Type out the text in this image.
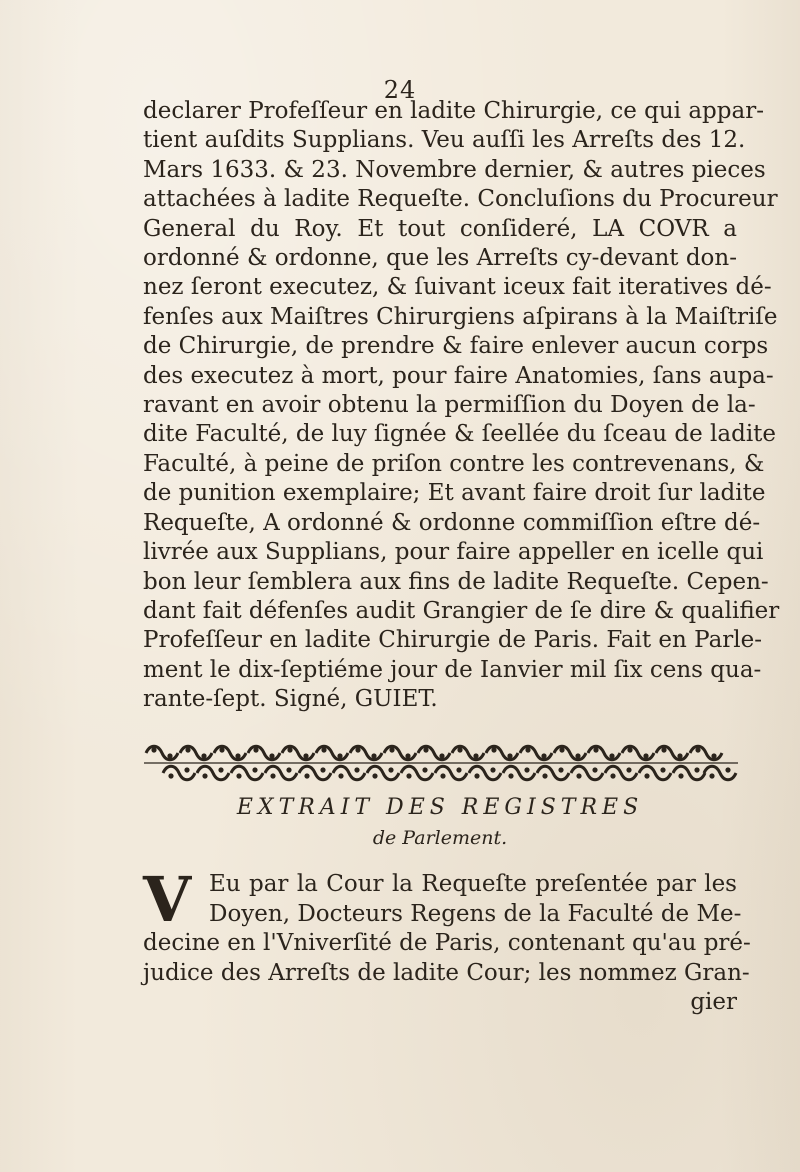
24
declarer Profeſſeur en ladite Chirurgie, ce qui appar-
tient auſdits Supplians. Veu auſſi les Arreſts des 12.
Mars 1633. & 23. Novembre dernier, & autres pieces
attachées à ladite Requeſte. Concluſions du Procureur
General du Roy. Et tout conſideré, LA COVR a
ordonné & ordonne, que les Arreſts cy-devant don-
nez ſeront executez, & ſuivant iceux fait iteratives dé-
fenſes aux Maiſtres Chirurgiens aſpirans à la Maiſtriſe
de Chirurgie, de prendre & faire enlever aucun corps
des executez à mort, pour faire Anatomies, ſans aupa-
ravant en avoir obtenu la permiſſion du Doyen de la-
dite Faculté, de luy ſignée & ſeellée du ſceau de ladite
Faculté, à peine de priſon contre les contrevenans, &
de punition exemplaire; Et avant faire droit ſur ladite
Requeſte, A ordonné & ordonne commiſſion eſtre dé-
livrée aux Supplians, pour faire appeller en icelle qui
bon leur ſemblera aux fins de ladite Requeſte. Cepen-
dant fait défenſes audit Grangier de ſe dire & qualifier
Profeſſeur en ladite Chirurgie de Paris. Fait en Parle-
ment le dix-ſeptiéme jour de Ianvier mil ſix cens qua-
rante-ſept. Signé, GUIET.
EXTRAIT DES REGISTRES
de Parlement.
V Eu par la Cour la Requeſte preſentée par les
Doyen, Docteurs Regens de la Faculté de Me-
decine en l'Vniverſité de Paris, contenant qu'au pré-
judice des Arreſts de ladite Cour; les nommez Gran-
gier
